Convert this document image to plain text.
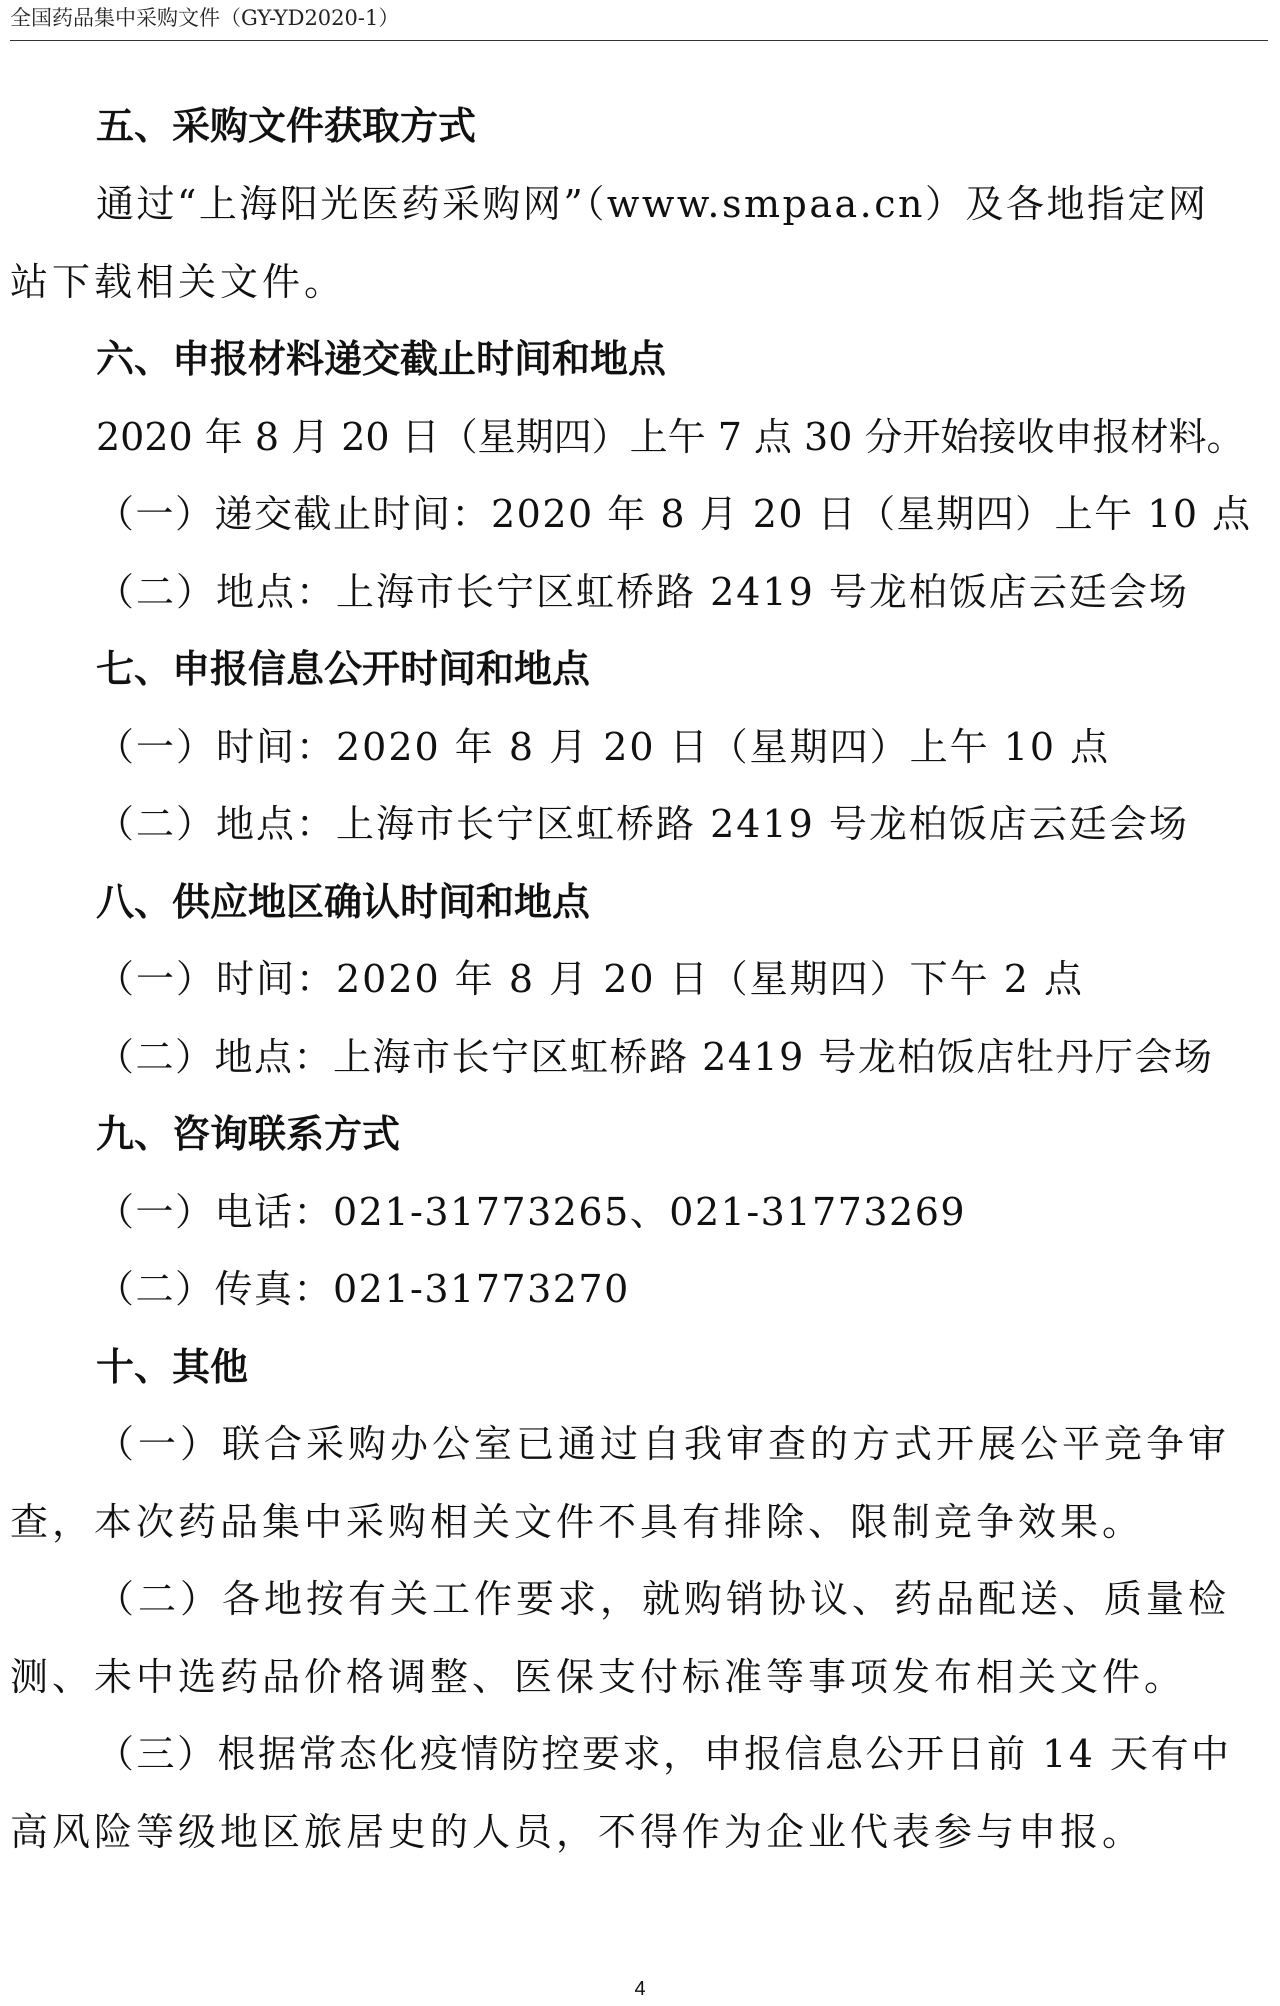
全国药品集中采购文件（GY-YD2020-1）
五、采购文件获取方式
通过“上海阳光医药采购网”（www.smpaa.cn）及各地指定网
站下载相关文件。
六、申报材料递交截止时间和地点
2020 年 8 月 20 日（星期四）上午 7 点 30 分开始接收申报材料。
（一）递交截止时间：2020 年 8 月 20 日（星期四）上午 10 点
（二）地点：上海市长宁区虹桥路 2419 号龙柏饭店云廷会场
七、申报信息公开时间和地点
（一）时间：2020 年 8 月 20 日（星期四）上午 10 点
（二）地点：上海市长宁区虹桥路 2419 号龙柏饭店云廷会场
八、供应地区确认时间和地点
（一）时间：2020 年 8 月 20 日（星期四）下午 2 点
（二）地点：上海市长宁区虹桥路 2419 号龙柏饭店牡丹厅会场
九、咨询联系方式
（一）电话：021-31773265、021-31773269
（二）传真：021-31773270
十、其他
（一）联合采购办公室已通过自我审查的方式开展公平竞争审
查，本次药品集中采购相关文件不具有排除、限制竞争效果。
（二）各地按有关工作要求，就购销协议、药品配送、质量检
测、未中选药品价格调整、医保支付标准等事项发布相关文件。
（三）根据常态化疫情防控要求，申报信息公开日前 14 天有中
高风险等级地区旅居史的人员，不得作为企业代表参与申报。
4
